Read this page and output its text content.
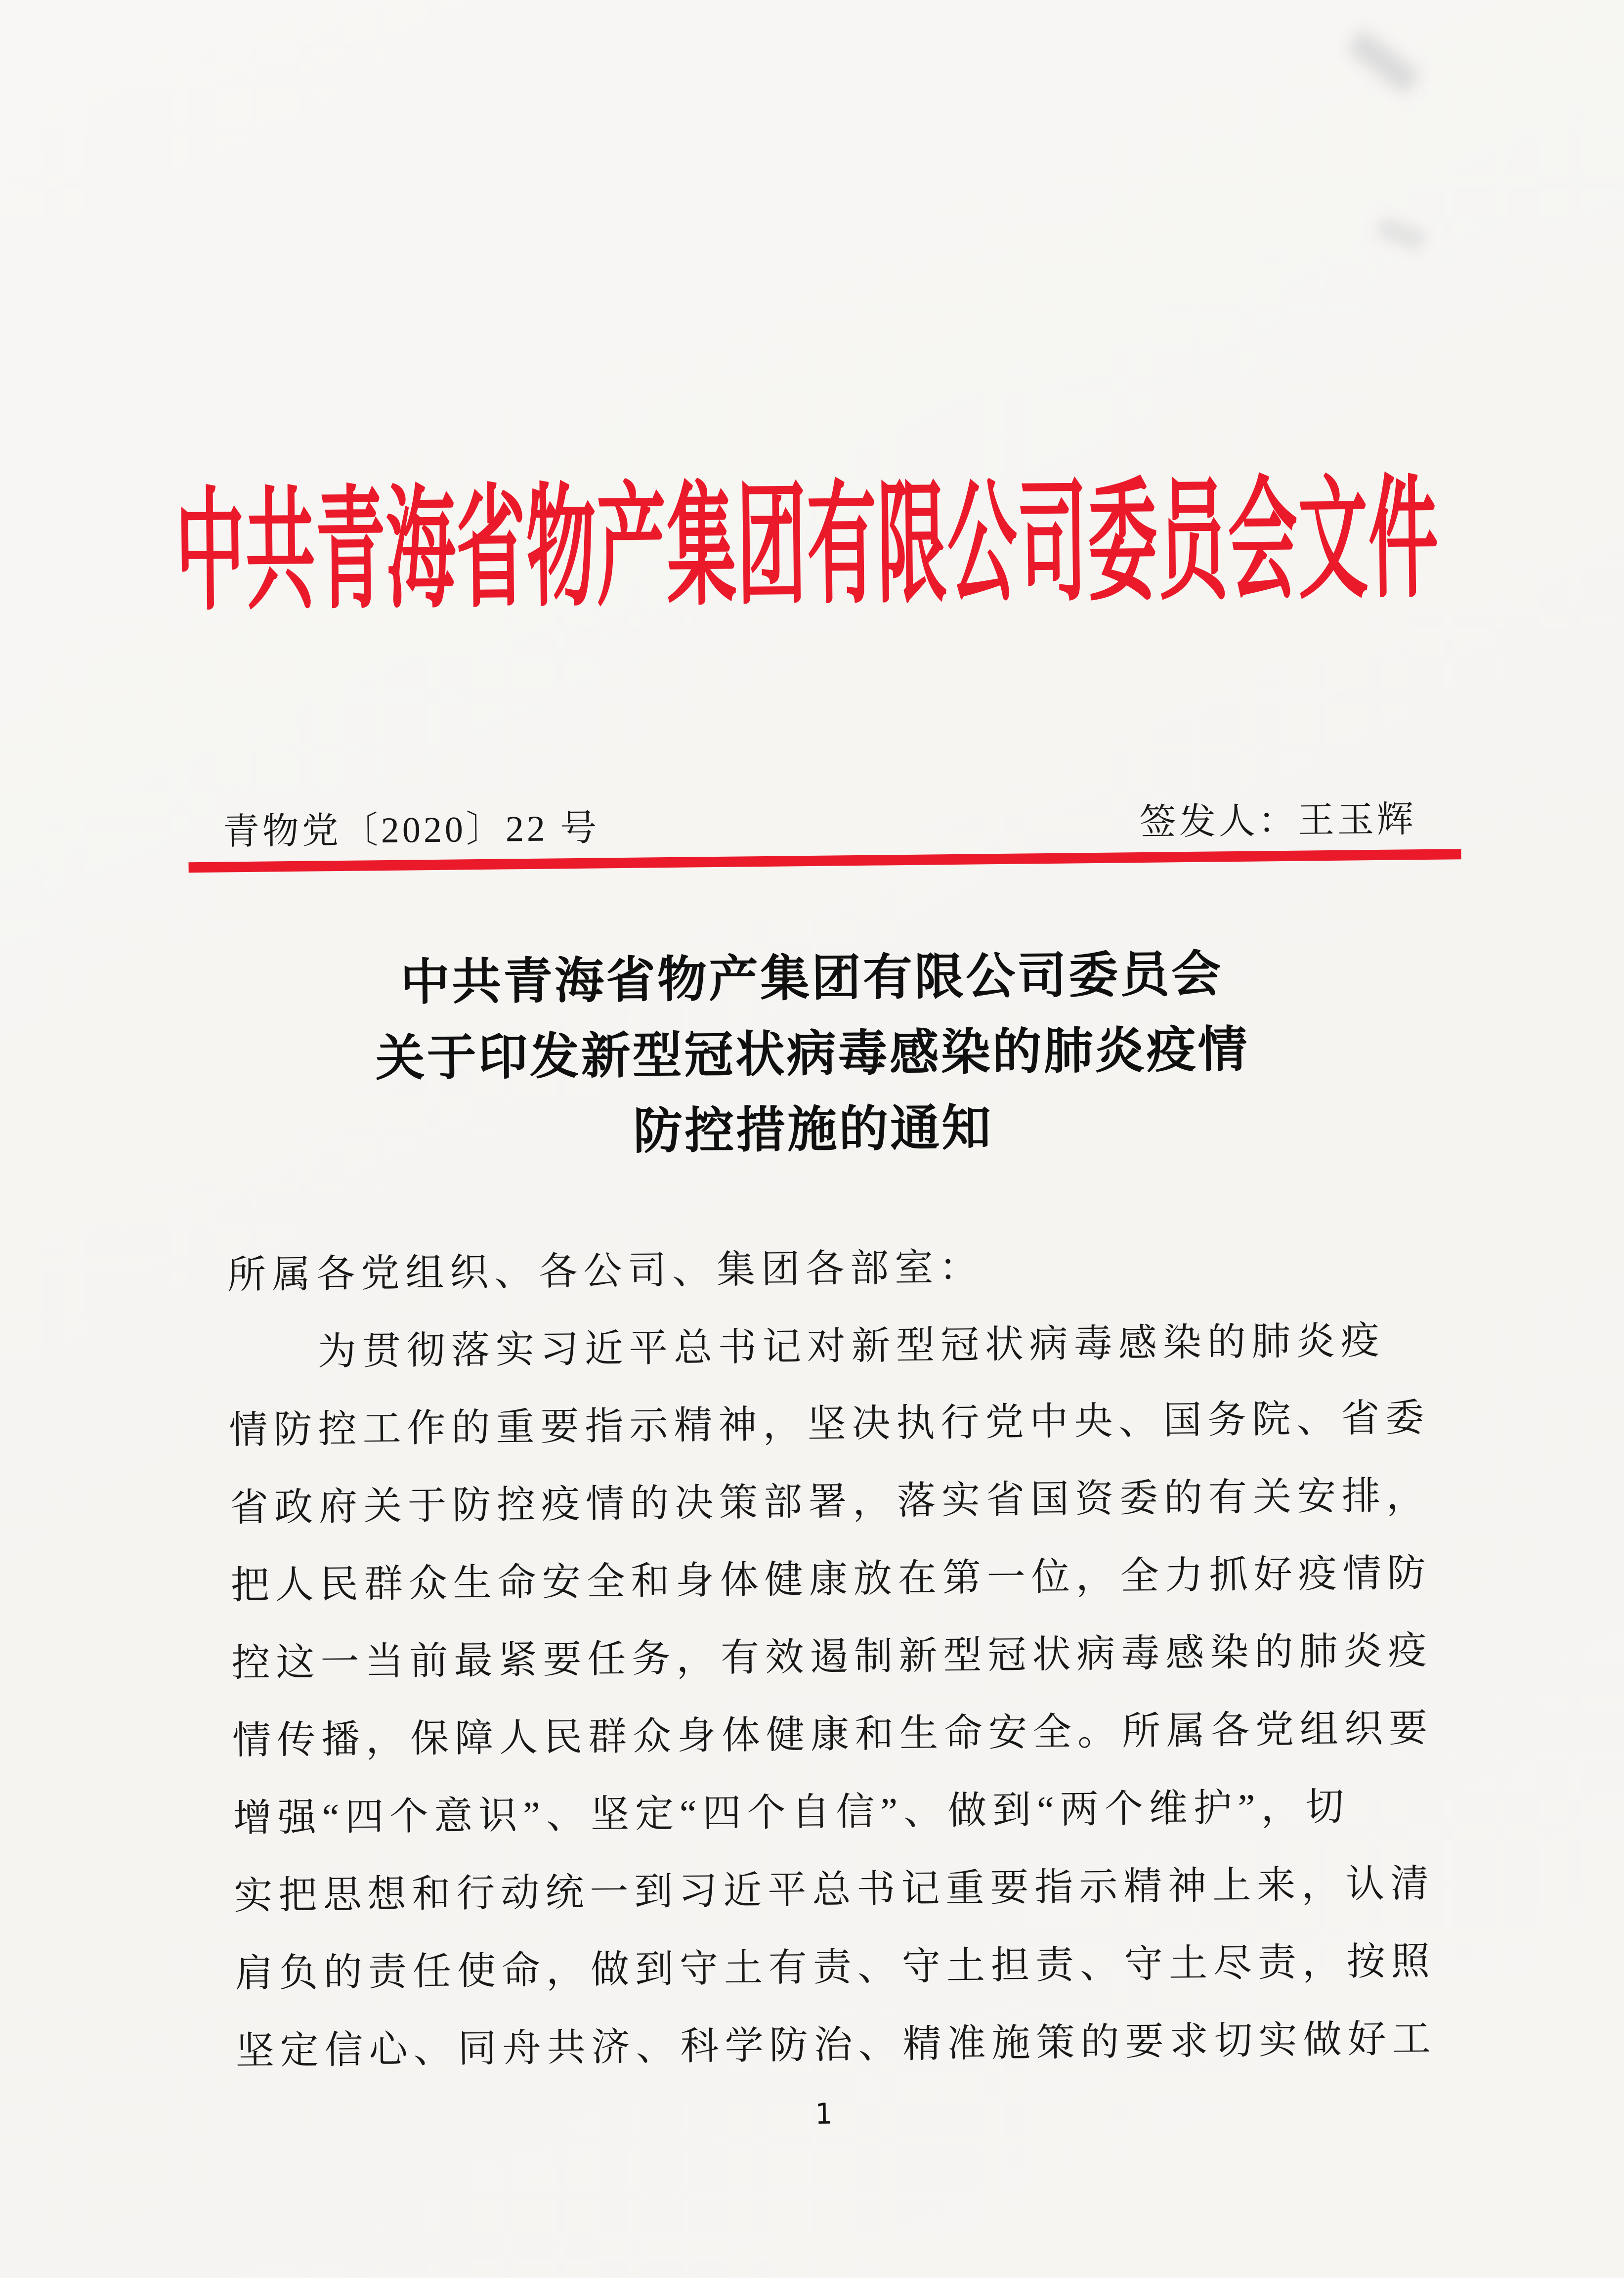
中共青海省物产集团有限公司委员会文件
青物党〔2020〕22 号	签发人：王玉辉
中共青海省物产集团有限公司委员会
关于印发新型冠状病毒感染的肺炎疫情
防控措施的通知
所属各党组织、各公司、集团各部室：
为贯彻落实习近平总书记对新型冠状病毒感染的肺炎疫
情防控工作的重要指示精神，坚决执行党中央、国务院、省委
省政府关于防控疫情的决策部署，落实省国资委的有关安排，
把人民群众生命安全和身体健康放在第一位，全力抓好疫情防
控这一当前最紧要任务，有效遏制新型冠状病毒感染的肺炎疫
情传播，保障人民群众身体健康和生命安全。所属各党组织要
增强“四个意识”、坚定“四个自信”、做到“两个维护”，切
实把思想和行动统一到习近平总书记重要指示精神上来，认清
肩负的责任使命，做到守土有责、守土担责、守土尽责，按照
坚定信心、同舟共济、科学防治、精准施策的要求切实做好工
1
